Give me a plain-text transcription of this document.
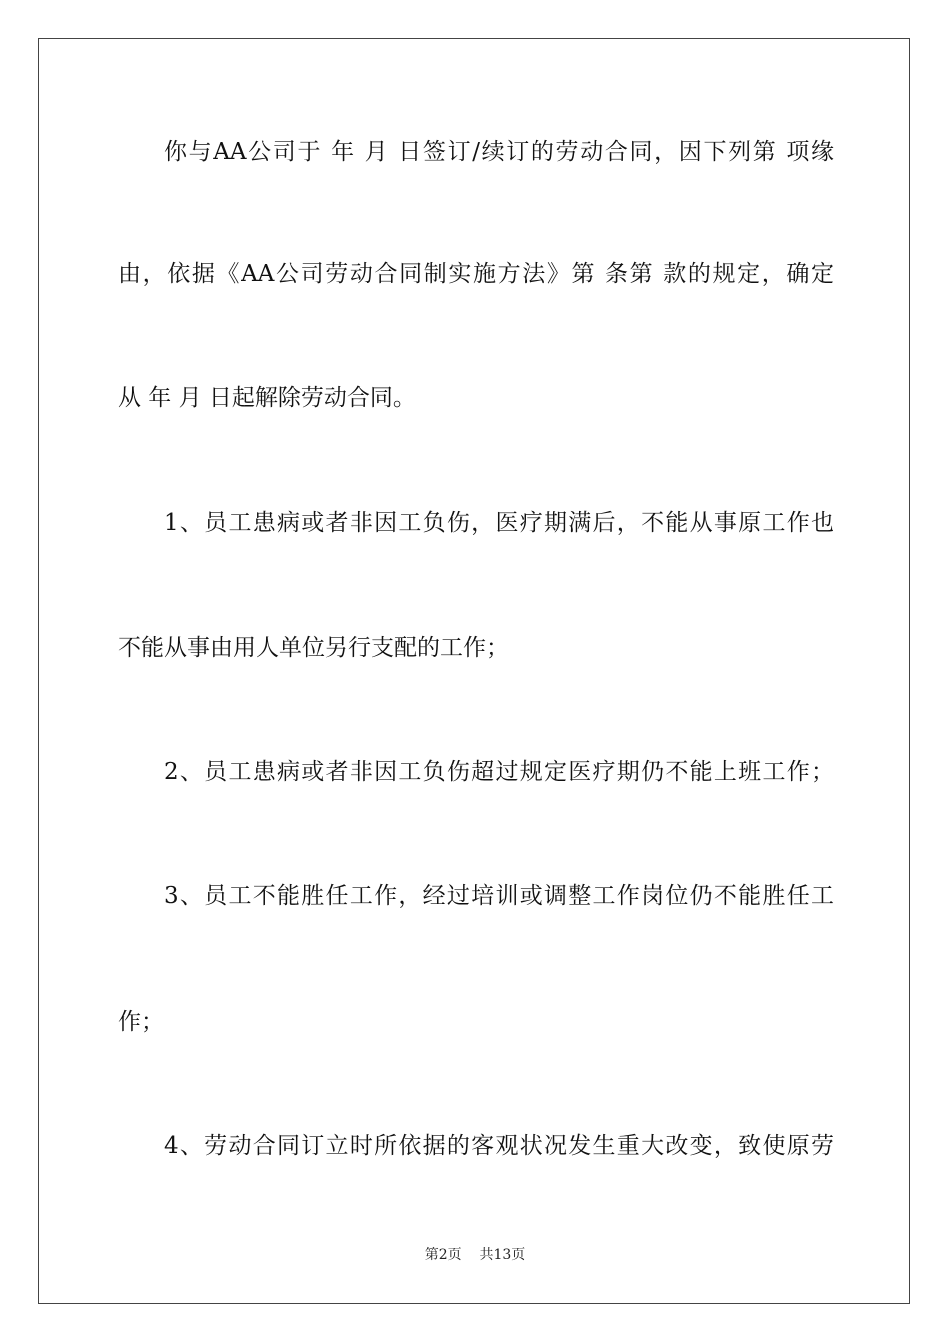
你与AA公司于 年 月 日签订/续订的劳动合同，因下列第 项缘
由，依据《AA公司劳动合同制实施方法》第 条第 款的规定，确定
从 年 月 日起解除劳动合同。
1、员工患病或者非因工负伤，医疗期满后，不能从事原工作也
不能从事由用人单位另行支配的工作；
2、员工患病或者非因工负伤超过规定医疗期仍不能上班工作；
3、员工不能胜任工作，经过培训或调整工作岗位仍不能胜任工
作；
4、劳动合同订立时所依据的客观状况发生重大改变，致使原劳
第2页 共13页
